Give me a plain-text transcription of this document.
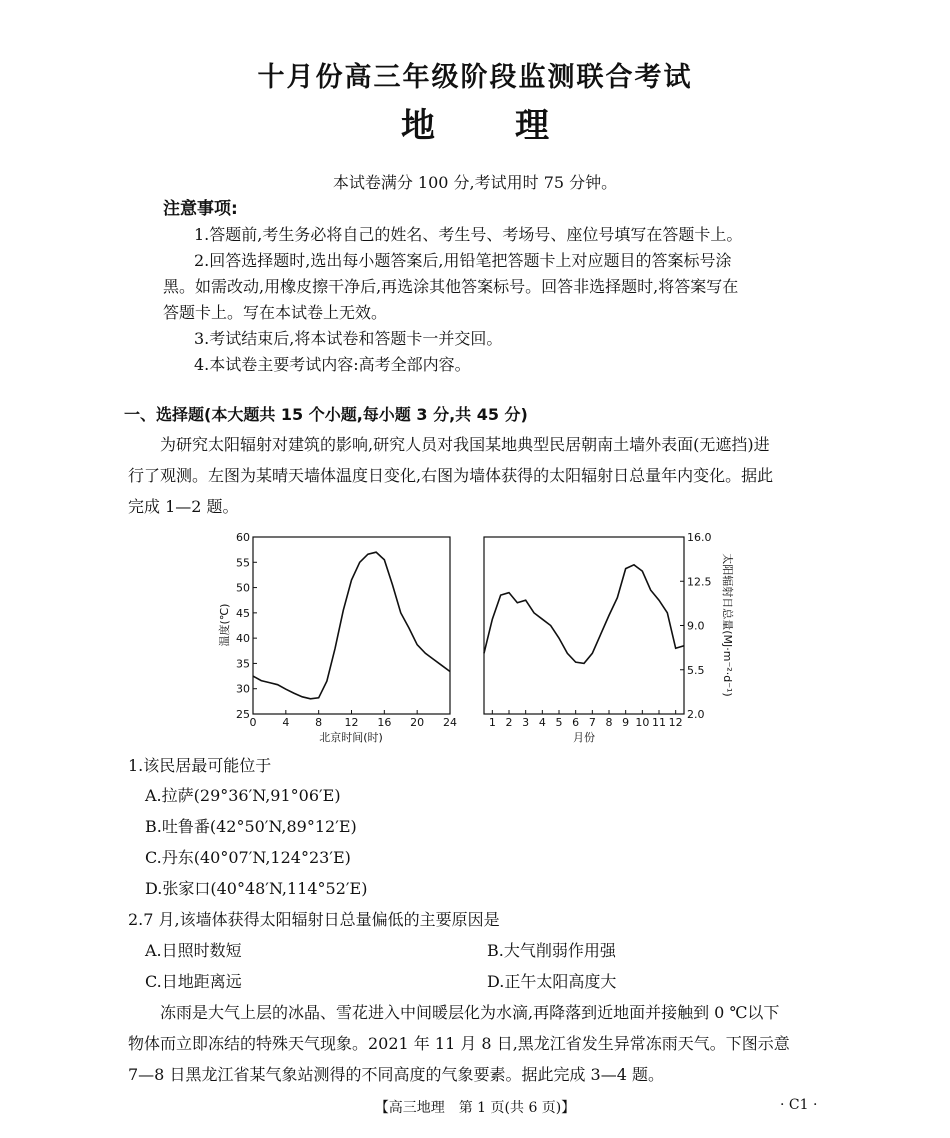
十月份高三年级阶段监测联合考试
地 理
本试卷满分 100 分,考试用时 75 分钟。
注意事项:
1.答题前,考生务必将自己的姓名、考生号、考场号、座位号填写在答题卡上。
2.回答选择题时,选出每小题答案后,用铅笔把答题卡上对应题目的答案标号涂
黑。如需改动,用橡皮擦干净后,再选涂其他答案标号。回答非选择题时,将答案写在
答题卡上。写在本试卷上无效。
3.考试结束后,将本试卷和答题卡一并交回。
4.本试卷主要考试内容:高考全部内容。
一、选择题(本大题共 15 个小题,每小题 3 分,共 45 分)
为研究太阳辐射对建筑的影响,研究人员对我国某地典型民居朝南土墙外表面(无遮挡)进
行了观测。左图为某晴天墙体温度日变化,右图为墙体获得的太阳辐射日总量年内变化。据此
完成 1—2 题。
25
30
35
40
45
50
55
60
0 4 8 12 16 20 24
温度(℃)
北京时间(时)
2.0
5.5
9.0
12.5
16.0
1 2 3 4 5 6 7 8 9 10 11 12
太阳辐射日总量(MJ·m⁻²·d⁻¹)
月份
1.该民居最可能位于
A.拉萨(29°36′N,91°06′E)
B.吐鲁番(42°50′N,89°12′E)
C.丹东(40°07′N,124°23′E)
D.张家口(40°48′N,114°52′E)
2.7 月,该墙体获得太阳辐射日总量偏低的主要原因是
A.日照时数短	B.大气削弱作用强
C.日地距离远	D.正午太阳高度大
冻雨是大气上层的冰晶、雪花进入中间暖层化为水滴,再降落到近地面并接触到 0 ℃以下
物体而立即冻结的特殊天气现象。2021 年 11 月 8 日,黑龙江省发生异常冻雨天气。下图示意
7—8 日黑龙江省某气象站测得的不同高度的气象要素。据此完成 3—4 题。
【高三地理　第 1 页(共 6 页)】	· C1 ·
